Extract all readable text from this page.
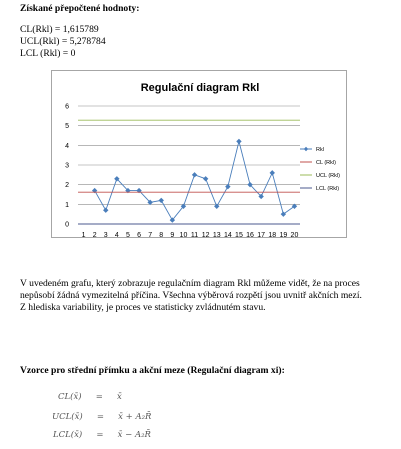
Získané přepočtené hodnoty:
CL(Rkl) = 1,615789
UCL(Rkl) = 5,278784
LCL (Rkl) = 0
Regulační diagram Rkl
0
1
2
3
4
5
6
1 2 3 4 5 6 7 8 9 10 11 12 13 14 15 16 17 18 19 20
Rkl
CL (Rkl)
UCL (Rkl)
LCL (Rkl)
V uvedeném grafu, který zobrazuje regulačním diagram Rkl můžeme vidět, že na proces
nepůsobí žádná vymezitelná příčina. Všechna výběrová rozpětí jsou uvnitř akčních mezí.
Z hlediska variability, je proces ve statisticky zvládnutém stavu.
Vzorce pro střední přímku a akční meze (Regulační diagram xi):
CL(x̄) = x̄
UCL(x̄) = x̄ + A₂R̄
LCL(x̄) = x̄ − A₂R̄
